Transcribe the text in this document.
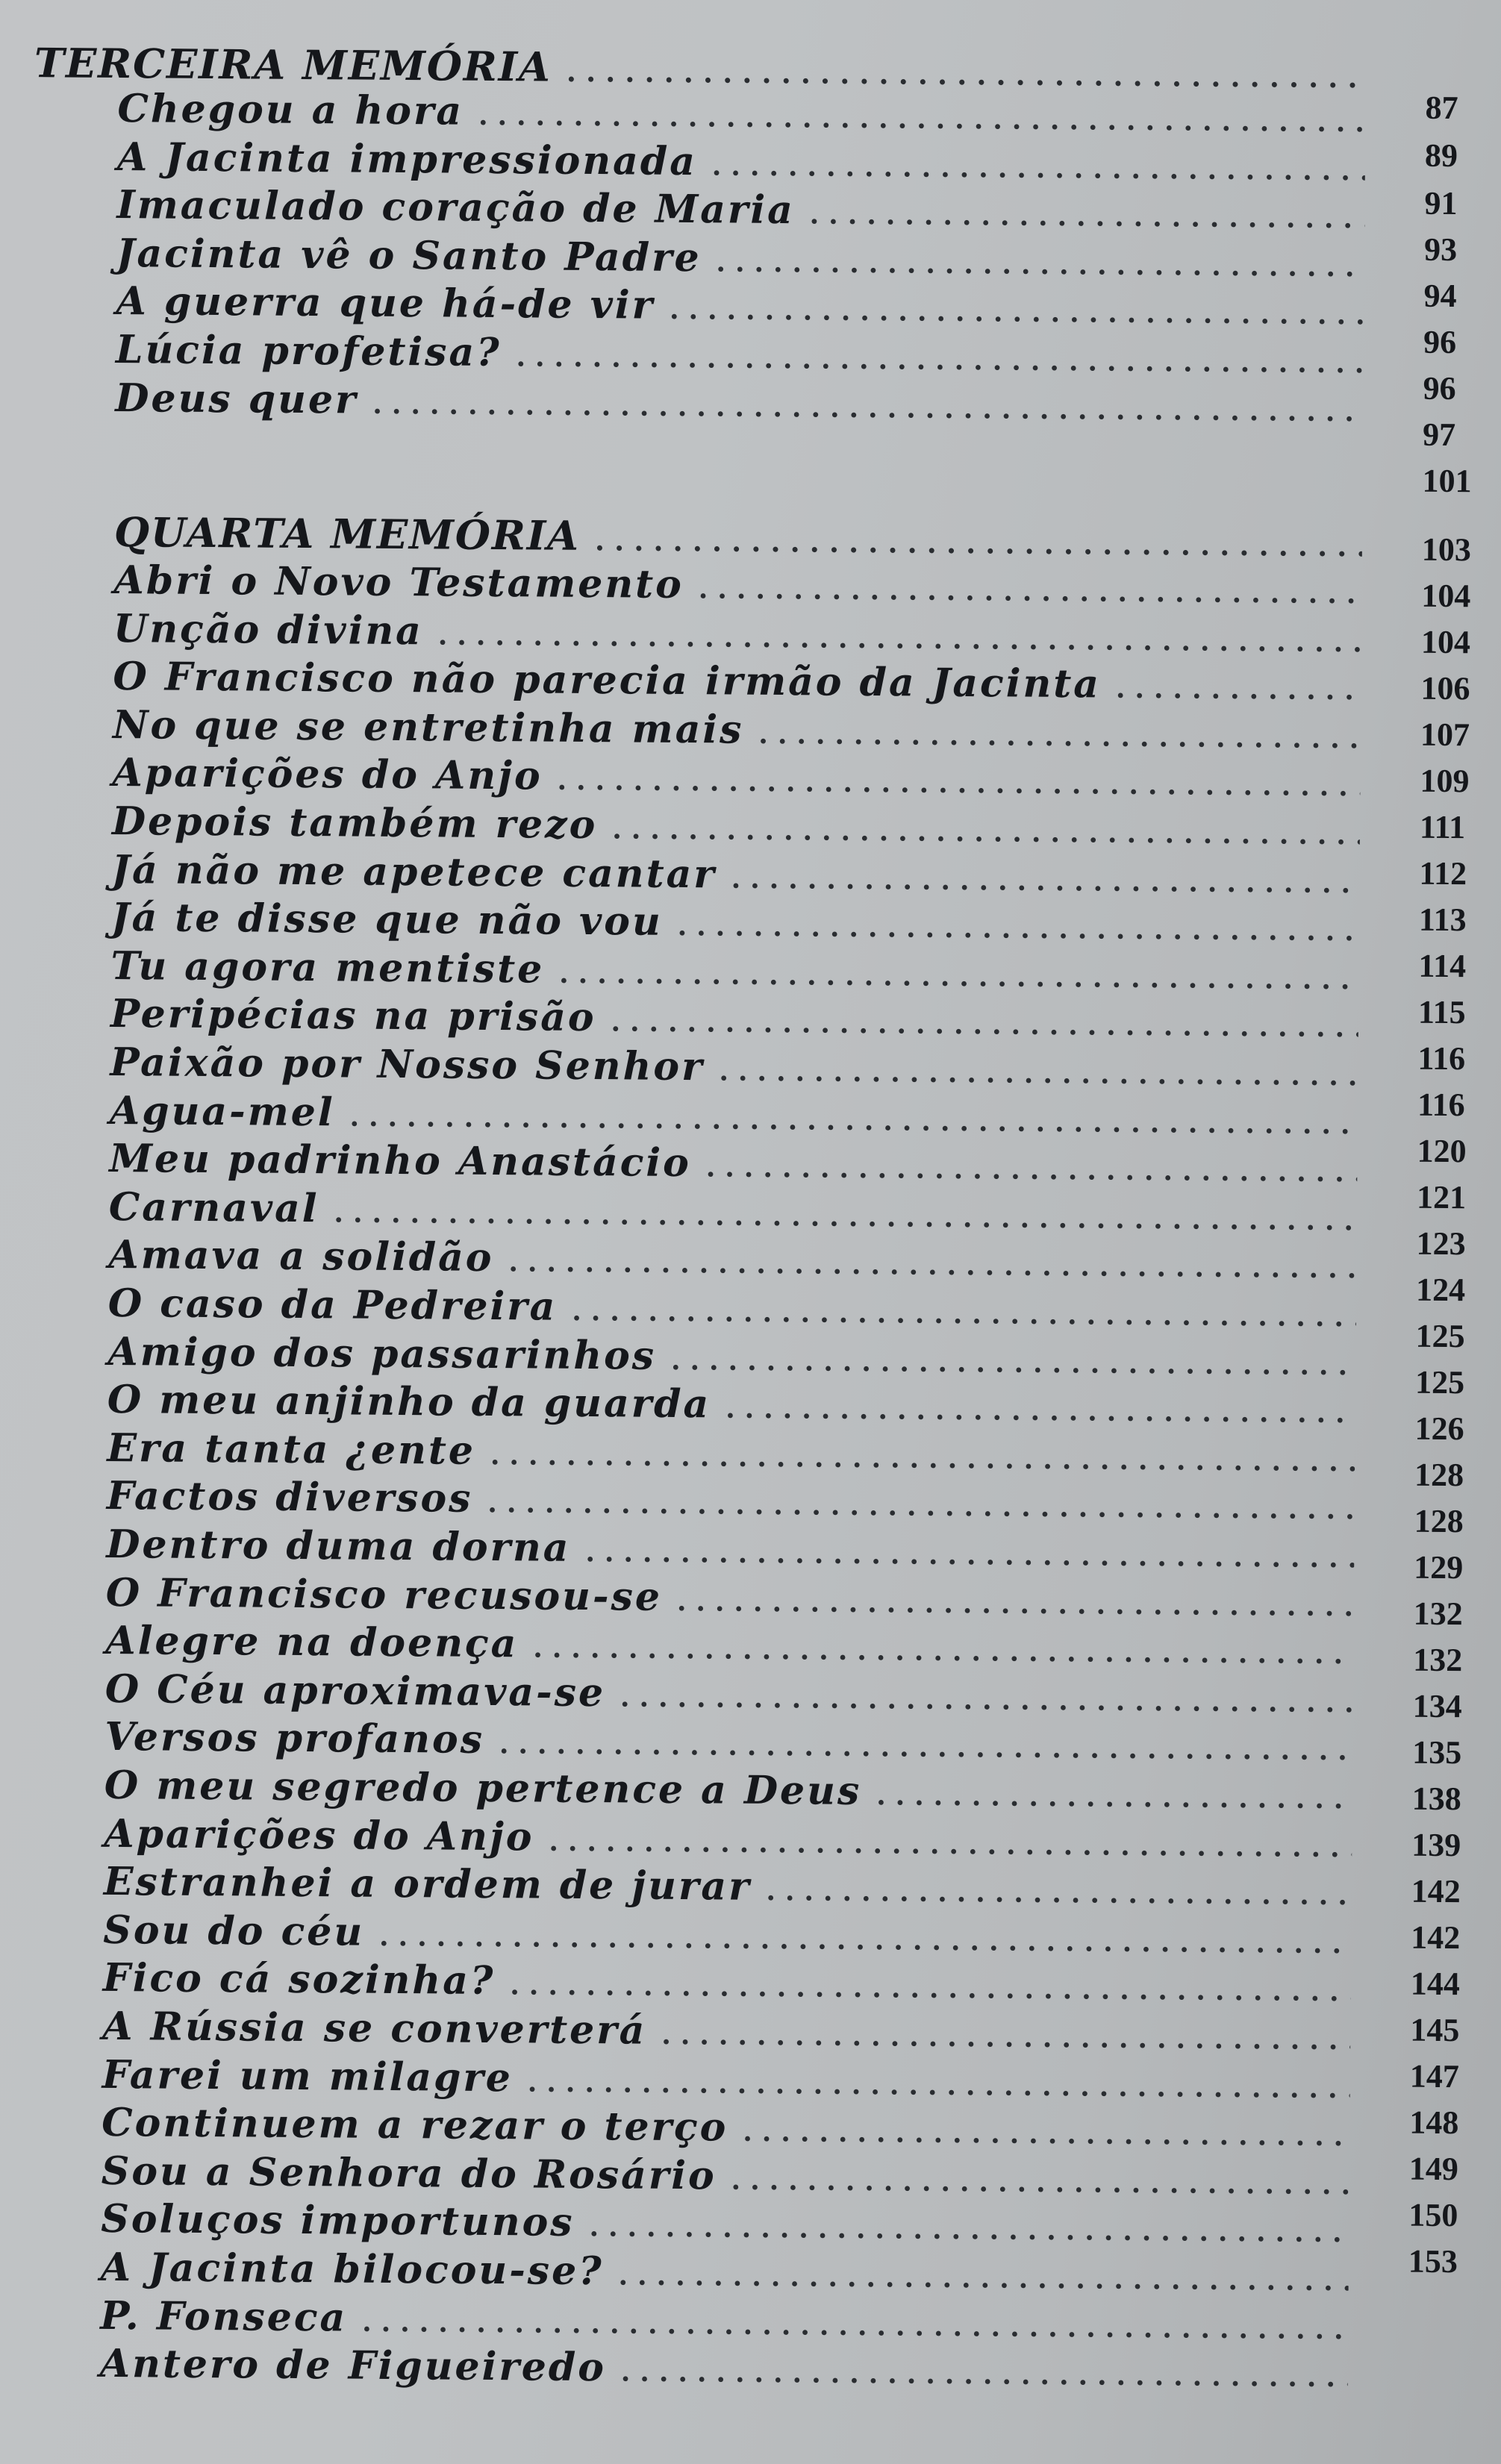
TERCEIRA MEMÓRIA
.....
Chegou a hora
.....
A Jacinta impressionada
.....
Imaculado coração de Maria
.....
Jacinta vê o Santo Padre
.....
A guerra que há-de vir
.....
Lúcia profetisa?
.....
Deus quer
.....
QUARTA MEMÓRIA
.....
Abri o Novo Testamento
.....
Unção divina
.....
O Francisco não parecia irmão da Jacinta
.....
No que se entretinha mais
.....
Aparições do Anjo
.....
Depois também rezo
.....
Já não me apetece cantar
.....
Já te disse que não vou
.....
Tu agora mentiste
.....
Peripécias na prisão
.....
Paixão por Nosso Senhor
.....
Agua-mel
.....
Meu padrinho Anastácio
.....
Carnaval
.....
Amava a solidão
.....
O caso da Pedreira
.....
Amigo dos passarinhos
.....
O meu anjinho da guarda
.....
Era tanta ¿ente
.....
Factos diversos
.....
Dentro duma dorna
.....
O Francisco recusou-se
.....
Alegre na doença
.....
O Céu aproximava-se
.....
Versos profanos
.....
O meu segredo pertence a Deus
.....
Aparições do Anjo
.....
Estranhei a ordem de jurar
.....
Sou do céu
.....
Fico cá sozinha?
.....
A Rússia se converterá
.....
Farei um milagre
.....
Continuem a rezar o terço
.....
Sou a Senhora do Rosário
.....
Soluços importunos
.....
A Jacinta bilocou-se?
.....
P. Fonseca
.....
Antero de Figueiredo
.....
87
89
91
93
94
96
96
97
101
103
104
104
106
107
109
111
112
113
114
115
116
116
120
121
123
124
125
125
126
128
128
129
132
132
134
135
138
139
142
142
144
145
147
148
149
150
153
